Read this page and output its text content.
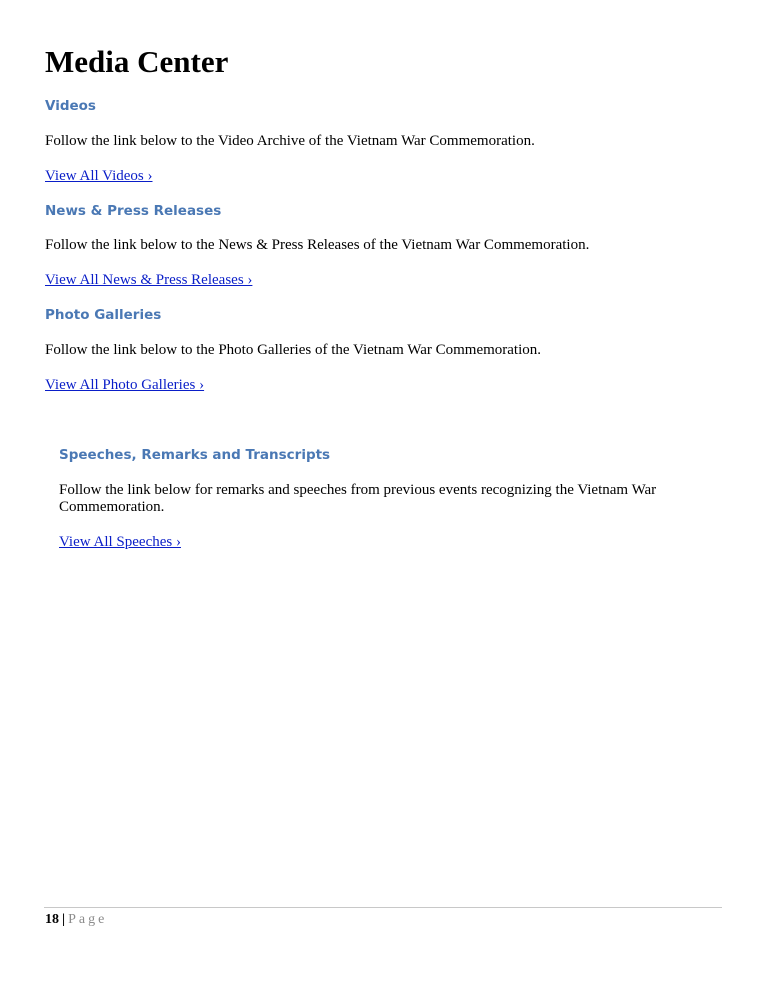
Media Center
Videos

Follow the link below to the Video Archive of the Vietnam War Commemoration.

View All Videos ›
News & Press Releases

Follow the link below to the News & Press Releases of the Vietnam War Commemoration.

View All News & Press Releases ›
Photo Galleries

Follow the link below to the Photo Galleries of the Vietnam War Commemoration.

View All Photo Galleries ›
Speeches, Remarks and Transcripts

Follow the link below for remarks and speeches from previous events recognizing the Vietnam War

Commemoration.

View All Speeches ›
18 | Page
